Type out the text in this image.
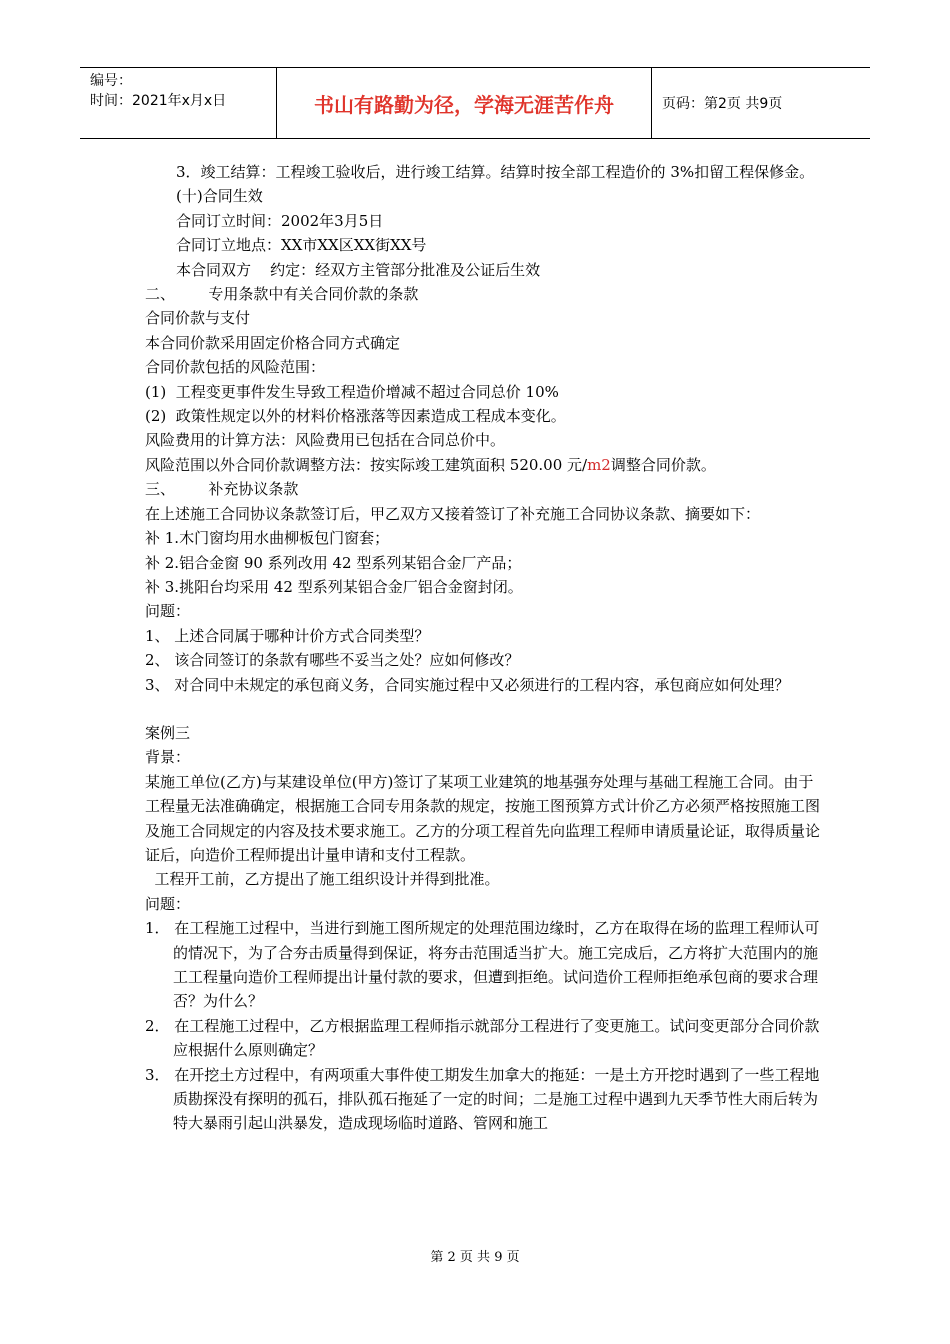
编号：
时间：2021年x月x日	书山有路勤为径，学海无涯苦作舟	页码：第2页 共9页

3．竣工结算：工程竣工验收后，进行竣工结算。结算时按全部工程造价的 3%扣留工程保修金。

(十)合同生效

合同订立时间：2002年3月5日

合同订立地点：XX市XX区XX街XX号

本合同双方    约定：经双方主管部分批准及公证后生效

二、       专用条款中有关合同价款的条款

合同价款与支付

本合同价款采用固定价格合同方式确定

合同价款包括的风险范围：

(1)  工程变更事件发生导致工程造价增减不超过合同总价 10%

(2)  政策性规定以外的材料价格涨落等因素造成工程成本变化。

风险费用的计算方法：风险费用已包括在合同总价中。

风险范围以外合同价款调整方法：按实际竣工建筑面积 520.00 元/m2调整合同价款。

三、       补充协议条款

在上述施工合同协议条款签订后，甲乙双方又接着签订了补充施工合同协议条款、摘要如下：

补 1.木门窗均用水曲柳板包门窗套；

补 2.铝合金窗 90 系列改用 42 型系列某铝合金厂产品；

补 3.挑阳台均采用 42 型系列某铝合金厂铝合金窗封闭。

问题：

1、 上述合同属于哪种计价方式合同类型？

2、 该合同签订的条款有哪些不妥当之处？应如何修改？

3、 对合同中未规定的承包商义务，合同实施过程中又必须进行的工程内容，承包商应如何处理？

案例三

背景：

某施工单位(乙方)与某建设单位(甲方)签订了某项工业建筑的地基强夯处理与基础工程施工合同。由于工程量无法准确确定，根据施工合同专用条款的规定，按施工图预算方式计价乙方必须严格按照施工图及施工合同规定的内容及技术要求施工。乙方的分项工程首先向监理工程师申请质量论证，取得质量论证后，向造价工程师提出计量申请和支付工程款。

工程开工前，乙方提出了施工组织设计并得到批准。

问题：

1． 在工程施工过程中，当进行到施工图所规定的处理范围边缘时，乙方在取得在场的监理工程师认可的情况下，为了合夯击质量得到保证，将夯击范围适当扩大。施工完成后，乙方将扩大范围内的施工工程量向造价工程师提出计量付款的要求，但遭到拒绝。试问造价工程师拒绝承包商的要求合理否？为什么？

2． 在工程施工过程中，乙方根据监理工程师指示就部分工程进行了变更施工。试问变更部分合同价款应根据什么原则确定？

3． 在开挖土方过程中，有两项重大事件使工期发生加拿大的拖延：一是土方开挖时遇到了一些工程地质勘探没有探明的孤石，排队孤石拖延了一定的时间；二是施工过程中遇到九天季节性大雨后转为特大暴雨引起山洪暴发，造成现场临时道路、管网和施工

第 2 页 共 9 页
